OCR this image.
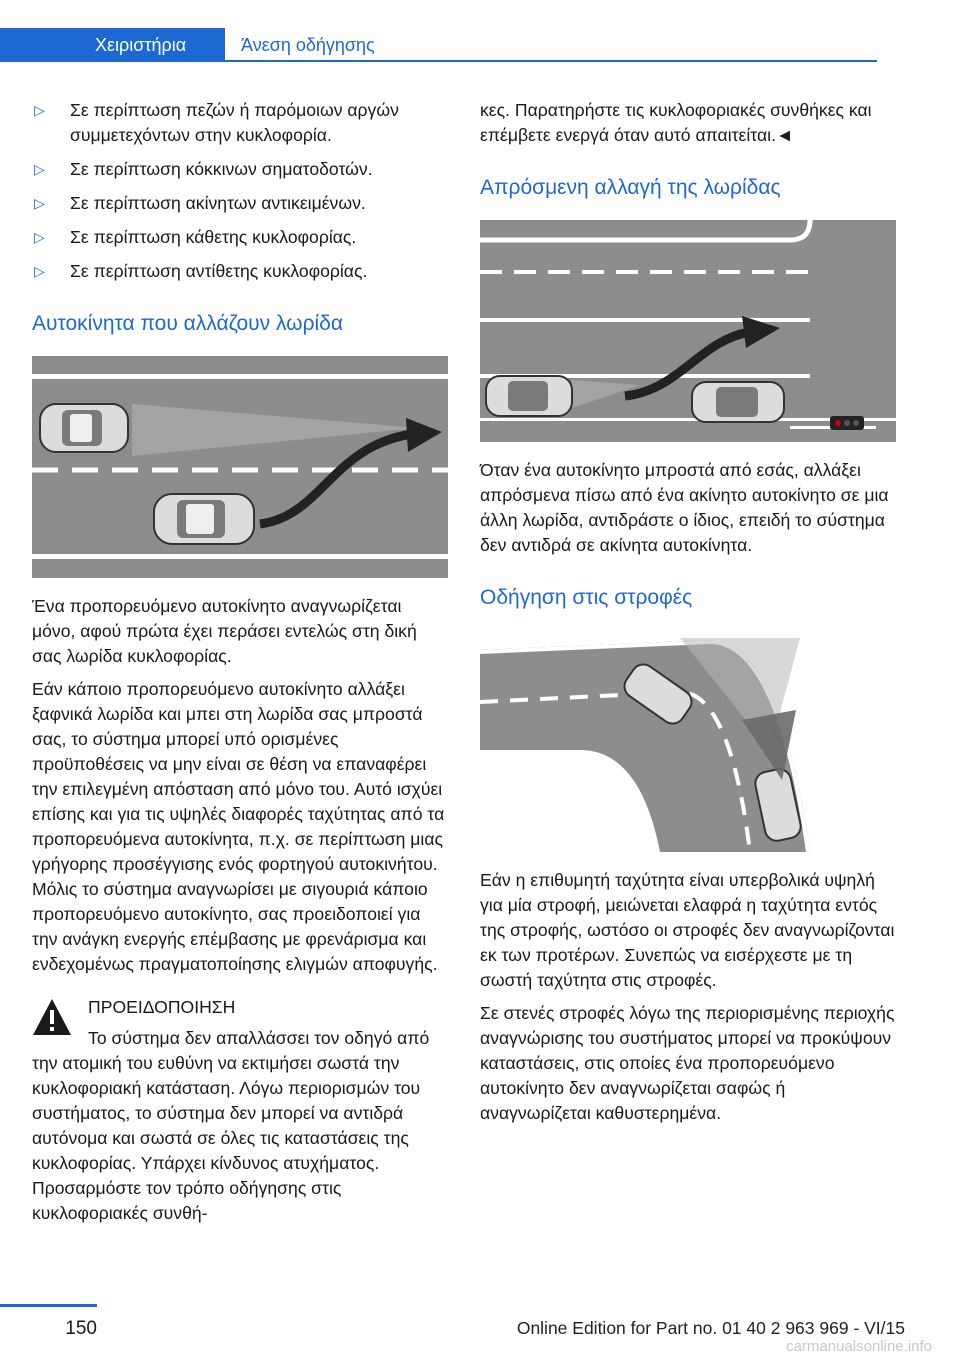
Χειριστήρια	Άνεση οδήγησης
▷ Σε περίπτωση πεζών ή παρόμοιων αργών συμμετεχόντων στην κυκλοφορία.
▷ Σε περίπτωση κόκκινων σηματοδοτών.
▷ Σε περίπτωση ακίνητων αντικειμένων.
▷ Σε περίπτωση κάθετης κυκλοφορίας.
▷ Σε περίπτωση αντίθετης κυκλοφορίας.
Αυτοκίνητα που αλλάζουν λωρίδα

Ένα προπορευόμενο αυτοκίνητο αναγνωρίζεται μόνο, αφού πρώτα έχει περάσει εντελώς στη δική σας λωρίδα κυκλοφορίας.

Εάν κάποιο προπορευόμενο αυτοκίνητο αλλάξει ξαφνικά λωρίδα και μπει στη λωρίδα σας μπροστά σας, το σύστημα μπορεί υπό ορισμένες προϋποθέσεις να μην είναι σε θέση να επαναφέρει την επιλεγμένη απόσταση από μόνο του. Αυτό ισχύει επίσης και για τις υψηλές διαφορές ταχύτητας από τα προπορευόμενα αυτοκίνητα, π.χ. σε περίπτωση μιας γρήγορης προσέγγισης ενός φορτηγού αυτοκινήτου. Μόλις το σύστημα αναγνωρίσει με σιγουριά κάποιο προπορευόμενο αυτοκίνητο, σας προειδοποιεί για την ανάγκη ενεργής επέμβασης με φρενάρισμα και ενδεχομένως πραγματοποίησης ελιγμών αποφυγής.

ΠΡΟΕΙΔΟΠΟΙΗΣΗ

Το σύστημα δεν απαλλάσσει τον οδηγό από την ατομική του ευθύνη να εκτιμήσει σωστά την κυκλοφοριακή κατάσταση. Λόγω περιορισμών του συστήματος, το σύστημα δεν μπορεί να αντιδρά αυτόνομα και σωστά σε όλες τις καταστάσεις της κυκλοφορίας. Υπάρχει κίνδυνος ατυχήματος. Προσαρμόστε τον τρόπο οδήγησης στις κυκλοφοριακές συνθή-

κες. Παρατηρήστε τις κυκλοφοριακές συνθήκες και επέμβετε ενεργά όταν αυτό απαιτείται.◄

Απρόσμενη αλλαγή της λωρίδας

Όταν ένα αυτοκίνητο μπροστά από εσάς, αλλάξει απρόσμενα πίσω από ένα ακίνητο αυτοκίνητο σε μια άλλη λωρίδα, αντιδράστε ο ίδιος, επειδή το σύστημα δεν αντιδρά σε ακίνητα αυτοκίνητα.

Οδήγηση στις στροφές

Εάν η επιθυμητή ταχύτητα είναι υπερβολικά υψηλή για μία στροφή, μειώνεται ελαφρά η ταχύτητα εντός της στροφής, ωστόσο οι στροφές δεν αναγνωρίζονται εκ των προτέρων. Συνεπώς να εισέρχεστε με τη σωστή ταχύτητα στις στροφές.

Σε στενές στροφές λόγω της περιορισμένης περιοχής αναγνώρισης του συστήματος μπορεί να προκύψουν καταστάσεις, στις οποίες ένα προπορευόμενο αυτοκίνητο δεν αναγνωρίζεται σαφώς ή αναγνωρίζεται καθυστερημένα.

150	Online Edition for Part no. 01 40 2 963 969 - VI/15
carmanualsonline.info
